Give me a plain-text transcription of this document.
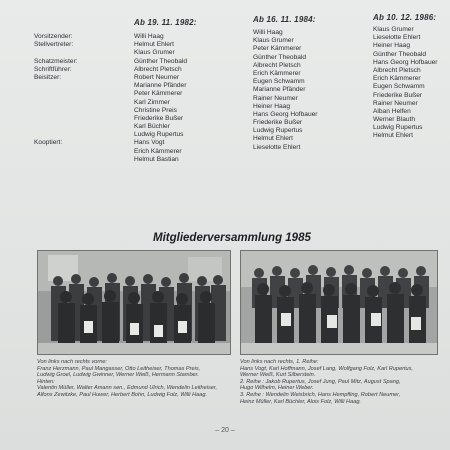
Ab 19. 11. 1982:	Ab 16. 11. 1984:	Ab 10. 12. 1986:
Vorsitzender:
Stellvertreter:
Schatzmeister:
Schriftführer:
Beisitzer:
Kooptiert:
Willi Haag
Helmut Ehlert
Klaus Grumer
Günther Theobald
Albrecht Pletsch
Robert Neumer
Marianne Pfänder
Peter Kämmerer
Karl Zimmer
Christine Preis
Friederike Bußer
Karl Büchler
Ludwig Rupertus
Hans Vogt
Erich Kämmerer
Helmut Bastian
Willi Haag
Klaus Grumer
Peter Kämmerer
Günther Theobald
Albrecht Pletsch
Erich Kämmerer
Eugen Schwamm
Marianne Pfänder
Rainer Neumer
Heiner Haag
Hans Georg Hofbauer
Friederike Bußer
Ludwig Rupertus
Helmut Ehlert
Lieselotte Ehlert
Klaus Grumer
Lieselotte Ehlert
Heiner Haag
Günther Theobald
Hans Georg Hofbauer
Albrecht Pletsch
Erich Kämmerer
Eugen Schwamm
Friederike Bußer
Rainer Neumer
Alban Helfen
Werner Blauth
Ludwig Rupertus
Helmut Ehlert
Mitgliederversammlung 1985
Von links nach rechts vorne:
Franz Herzmann, Paul Mangasser, Otto Leitheiser, Thomas Preis,
Ludwig Groel, Ludwig Gwinner, Werner Weiß, Hermann Stamber.
Hinten:
Valentin Müller, Walter Amann sen., Edmund Ulrich, Wendelin Leitheiser,
Alfons Zewitzke, Paul Huwer, Herbert Bohn, Ludwig Folz, Willi Haag.
Von links nach rechts, 1. Reihe:
Hans Vogt, Karl Hoffmann, Josef Lang, Wolfgang Folz, Karl Rupertus,
Werner Weiß, Kurt Silberstein.
2. Reihe : Jakob Rupertus, Josef Jung, Paul Mitz, August Spang,
Hugo Wilhelm, Heiner Weber.
3. Reihe : Wendelin Weisbrich, Hans Hempfling, Robert Neumer,
Heinz Müller, Karl Büchler, Alois Folz, Willi Haag.
– 20 –
